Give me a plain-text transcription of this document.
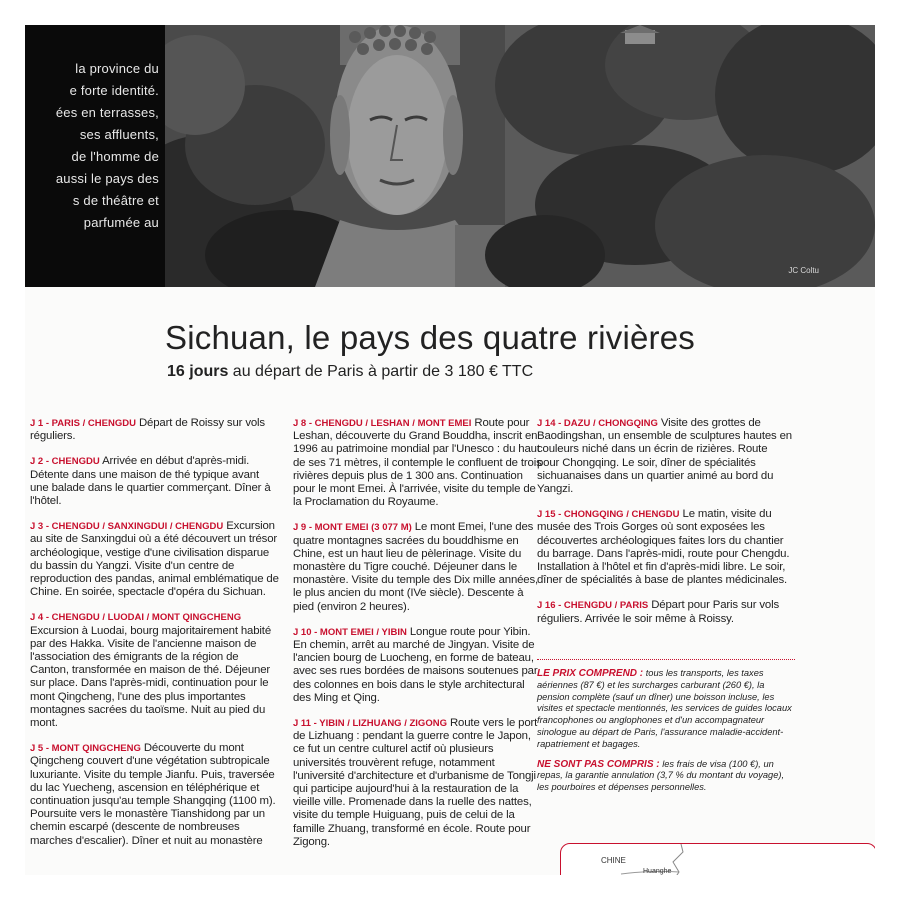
la province du
e forte identité.
ées en terrasses,
ses affluents,
de l'homme de
aussi le pays des
s de théâtre et
parfumée au
JC Coltu
Sichuan, le pays des quatre rivières
16 jours au départ de Paris à partir de 3 180 € TTC

J 1 - PARIS / CHENGDU Départ de Roissy sur vols réguliers.

J 2 - CHENGDU Arrivée en début d'après-midi. Détente dans une maison de thé typique avant une balade dans le quartier commerçant. Dîner à l'hôtel.

J 3 - CHENGDU / SANXINGDUI / CHENGDU Excursion au site de Sanxingdui où a été découvert un trésor archéologique, vestige d'une civilisation disparue du bassin du Yangzi. Visite d'un centre de reproduction des pandas, animal emblématique de Chine. En soirée, spectacle d'opéra du Sichuan.

J 4 - CHENGDU / LUODAI / MONT QINGCHENG Excursion à Luodai, bourg majoritairement habité par des Hakka. Visite de l'ancienne maison de l'association des émigrants de la région de Canton, transformée en maison de thé. Déjeuner sur place. Dans l'après-midi, continuation pour le mont Qingcheng, l'une des plus importantes montagnes sacrées du taoïsme. Nuit au pied du mont.

J 5 - MONT QINGCHENG Découverte du mont Qingcheng couvert d'une végétation subtropicale luxuriante. Visite du temple Jianfu. Puis, traversée du lac Yuecheng, ascension en téléphérique et continuation jusqu'au temple Shangqing (1100 m). Poursuite vers le monastère Tianshidong par un chemin escarpé (descente de nombreuses marches d'escalier). Dîner et nuit au monastère

J 8 - CHENGDU / LESHAN / MONT EMEI Route pour Leshan, découverte du Grand Bouddha, inscrit en 1996 au patrimoine mondial par l'Unesco : du haut de ses 71 mètres, il contemple le confluent de trois rivières depuis plus de 1 300 ans. Continuation pour le mont Emei. À l'arrivée, visite du temple de la Proclamation du Royaume.

J 9 - MONT EMEI (3 077 M) Le mont Emei, l'une des quatre montagnes sacrées du bouddhisme en Chine, est un haut lieu de pèlerinage. Visite du monastère du Tigre couché. Déjeuner dans le monastère. Visite du temple des Dix mille années, le plus ancien du mont (IVe siècle). Descente à pied (environ 2 heures).

J 10 - MONT EMEI / YIBIN Longue route pour Yibin. En chemin, arrêt au marché de Jingyan. Visite de l'ancien bourg de Luocheng, en forme de bateau, avec ses rues bordées de maisons soutenues par des colonnes en bois dans le style architectural des Ming et Qing.

J 11 - YIBIN / LIZHUANG / ZIGONG Route vers le port de Lizhuang : pendant la guerre contre le Japon, ce fut un centre culturel actif où plusieurs universités trouvèrent refuge, notamment l'université d'architecture et d'urbanisme de Tongji qui participe aujourd'hui à la restauration de la vieille ville. Promenade dans la ruelle des nattes, visite du temple Huiguang, puis de celui de la famille Zhuang, transformé en école. Route pour Zigong.

J 14 - DAZU / CHONGQING Visite des grottes de Baodingshan, un ensemble de sculptures hautes en couleurs niché dans un écrin de rizières. Route pour Chongqing. Le soir, dîner de spécialités sichuanaises dans un quartier animé au bord du Yangzi.

J 15 - CHONGQING / CHENGDU Le matin, visite du musée des Trois Gorges où sont exposées les découvertes archéologiques faites lors du chantier du barrage. Dans l'après-midi, route pour Chengdu. Installation à l'hôtel et fin d'après-midi libre. Le soir, dîner de spécialités à base de plantes médicinales.

J 16 - CHENGDU / PARIS Départ pour Paris sur vols réguliers. Arrivée le soir même à Roissy.

LE PRIX COMPREND : tous les transports, les taxes aériennes (87 €) et les surcharges carburant (260 €), la pension complète (sauf un dîner) une boisson incluse, les visites et spectacle mentionnés, les services de guides locaux francophones ou anglophones et d'un accompagnateur sinologue au départ de Paris, l'assurance maladie-accident-rapatriement et bagages.

NE SONT PAS COMPRIS : les frais de visa (100 €), un repas, la garantie annulation (3,7 % du montant du voyage), les pourboires et dépenses personnelles.

CHINE
Huanghe
